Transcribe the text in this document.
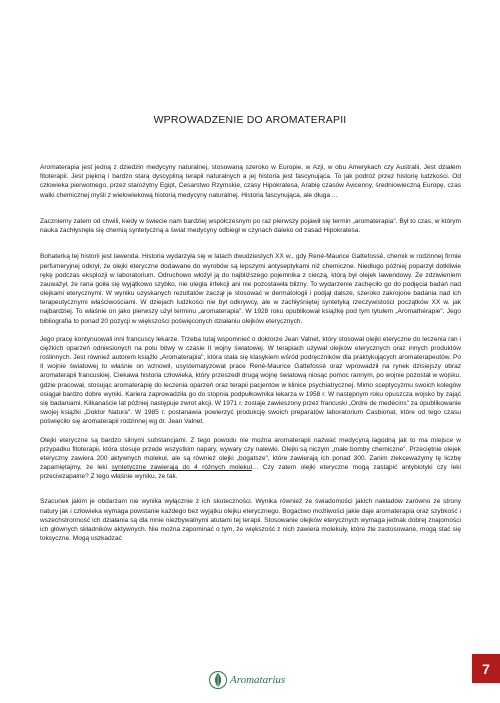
WPROWADZENIE DO AROMATERAPII

Aromaterapia jest jedną z dziedzin medycyny naturalnej, stosowaną szeroko w Europie, w Azji, w obu Amerykach czy Australii. Jest działem fitoterapii. Jest piękną i bardzo starą dyscypliną terapii naturalnych a jej historia jest fascynująca. To jak podróż przez historię ludzkości. Od człowieka pierwotnego, przez starożytny Egipt, Cesarstwo Rzymskie, czasy Hipokratesa, Arabię czasów Avicenny, średniowieczną Europę, czas walki chemicznej myśli z wielowiekową historią medycyny naturalnej. Historia fascynująca, ale długa ...

Zaczniemy zatem od chwili, kiedy w świecie nam bardziej współczesnym po raz pierwszy pojawił się termin „aromaterapia". Był to czas, w którym nauka zachłysnęła się chemią syntetyczną a świat medycyny odbiegł w czynach daleko od zasad Hipokratesa.

Bohaterką tej historii jest lawenda. Historia wydarzyła się w latach dwudziestych XX w., gdy René-Maurice Gattefossé, chemik w rodzinnej firmie perfumeryjnej odkrył, że olejki eteryczne dodawane do wyrobów są lepszymi antyseptykami niż chemiczne. Niedługo później poparzył dotkliwie rękę podczas eksplozji w laboratorium. Odruchowo włożył ją do najbliższego pojemnika z cieczą, którą był olejek lawendowy. Ze zdziwieniem zauważył, że rana goiła się wyjątkowo szybko, nie uległa infekcji ani nie pozostawiła blizny. To wydarzenie zachęciło go do podjęcia badań nad olejkami eterycznymi. W wyniku uzyskanych rezultatów zaczął je stosować w dermatologii i podjął dalsze, szeroko zakrojone badania nad ich terapeutycznymi właściwościami. W dziejach ludzkości nie był odkrywcy, ale w zachłyśniętej syntetyką rzeczywistości początków XX w. jak najbardziej. To właśnie on jako pierwszy użył terminu „aromaterapia". W 1928 roku opublikował książkę pod tym tytułem „Aromathérapie". Jego bibliografia to ponad 20 pozycji w większości poświęconych działaniu olejków eterycznych.

Jego pracę kontynuowali inni francuscy lekarze. Trzeba tutaj wspomnieć o doktorze Jean Valnet, który stosował olejki eteryczne do leczenia ran i ciężkich oparzeń odniesionych na polu bitwy w czasie II wojny światowej. W terapiach używał olejków eterycznych oraz innych produktów roślinnych. Jest również autorem książki „Aromaterapia", która stała się klasykiem wśród podręczników dla praktykujących aromaterapeutów. Po II wojnie światowej to właśnie on wznowił, usystematyzował prace René-Maurice Gattefossé oraz wprowadził na rynek dzisiejszy obraz aromaterapii francuskiej. Ciekawa historia człowieka, który przeszedł drugą wojnę światową niosąc pomoc rannym, po wojnie pozostał w wojsku, gdzie pracował, stosując aromaterapię do leczenia oparzeń oraz terapii pacjentów w klinice psychiatrycznej. Mimo sceptycyzmu swoich kolegów osiągał bardzo dobre wyniki. Kariera zaprowadziła go do stopnia podpułkownika lekarza w 1958 r. W następnym roku opuszcza wojsko by zająć się badaniami. Kilkanaście lat później następuje zwrot akcji. W 1971 r. zostaje zawieszony przez francuski „Ordre de medécins" za opublikowanie swojej książki „Doktor Natura". W 1985 r. postanawia powierzyć produkcję swoich preparatów laboratorium Casbionat, które od tego czasu poświęciło się aromaterapii rodzinnej wg dr. Jean Valnet.

Olejki eteryczne są bardzo silnymi substancjami. Z tego powodu nie można aromaterapii nazwać medycyną łagodną jak to ma miejsce w przypadku fitoterapii, która stosuje przede wszystkim napary, wywary czy nalewki. Olejki są niczym „małe bomby chemiczne". Przeciętnie olejek eteryczny zawiera 200 aktywnych molekuł, ale są również olejki „bogatsze", które zawierają ich ponad 300. Zanim zlekceważymy tę liczbę zapamiętajmy, że leki syntetyczne zawierają do 4 różnych molekuł… Czy zatem olejki eteryczne mogą zastąpić antybiotyki czy leki przeciwzapalne? Z tego właśnie wyniku, że tak.

Szacunek jakim je obdarzam nie wynika wyłącznie z ich skuteczności. Wynika również ze świadomości jakich nakładów zarówno ze strony natury jak i człowieka wymaga powstanie każdego bez wyjątku olejku eterycznego. Bogactwo możliwości jakie daje aromaterapia oraz szybkość i wszechstronność ich działania są dla mnie niezbywalnymi atutami tej terapii. Stosowanie olejków eterycznych wymaga jednak dobrej znajomości ich głównych składników aktywnych. Nie można zapominać o tym, że większość z nich zawiera molekuły, które źle zastosowane, mogą stać się toksyczne. Mogą uszkadzać

Aromatarius
7
